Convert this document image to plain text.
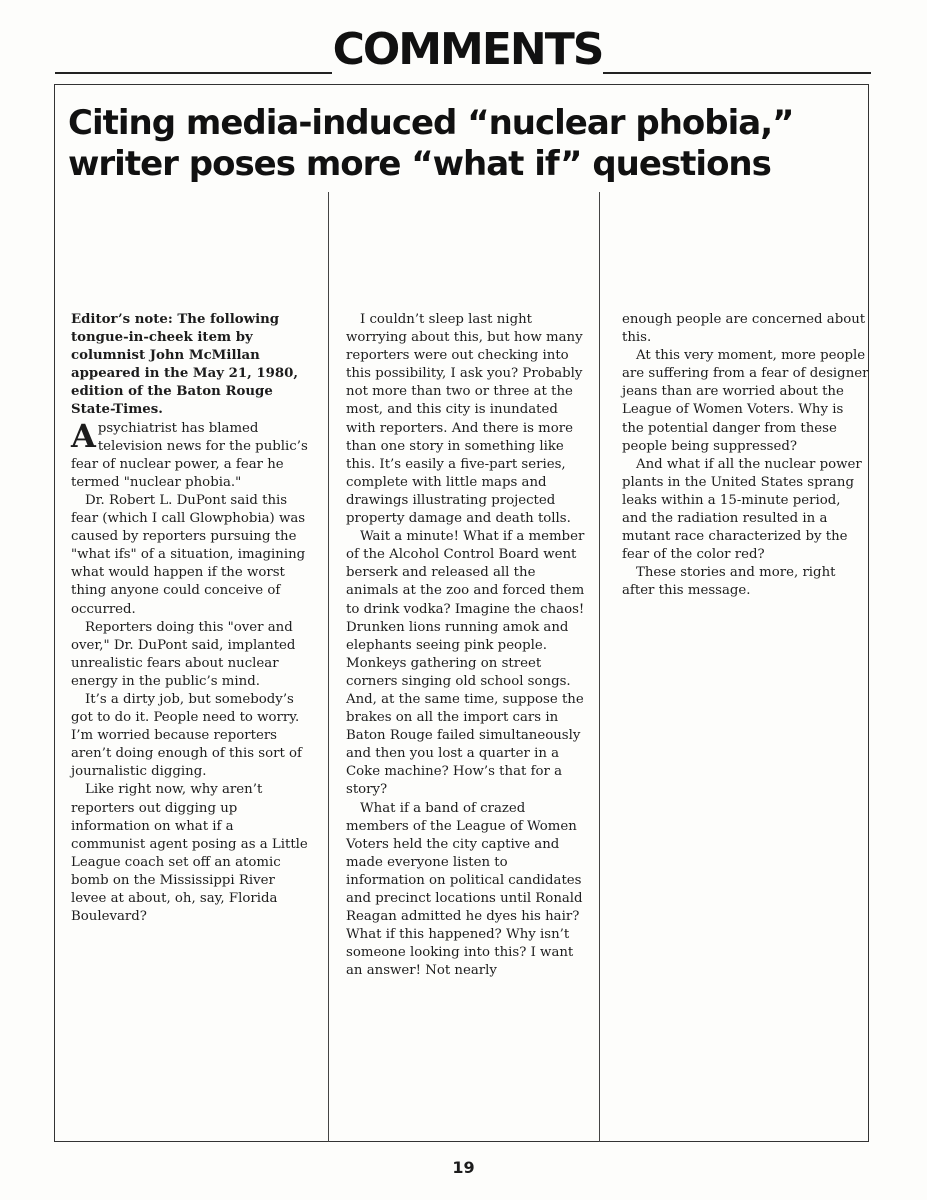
COMMENTS
Citing media-induced “nuclear phobia,” writer poses more “what if” questions

Editor’s note: The following tongue-in-cheek item by columnist John McMillan appeared in the May 21, 1980, edition of the Baton Rouge State-Times.

Apsychiatrist has blamed television news for the public’s fear of nuclear power, a fear he termed "nuclear phobia."

Dr. Robert L. DuPont said this fear (which I call Glowphobia) was caused by reporters pursuing the "what ifs" of a situation, imagining what would happen if the worst thing anyone could conceive of occurred.

Reporters doing this "over and over," Dr. DuPont said, implanted unrealistic fears about nuclear energy in the public’s mind.

It’s a dirty job, but somebody’s got to do it. People need to worry. I’m worried because reporters aren’t doing enough of this sort of journalistic digging.

Like right now, why aren’t reporters out digging up information on what if a communist agent posing as a Little League coach set off an atomic bomb on the Mississippi River levee at about, oh, say, Florida Boulevard?

I couldn’t sleep last night worrying about this, but how many reporters were out checking into this possibility, I ask you? Probably not more than two or three at the most, and this city is inundated with reporters. And there is more than one story in something like this. It’s easily a five-part series, complete with little maps and drawings illustrating projected property damage and death tolls.

Wait a minute! What if a member of the Alcohol Control Board went berserk and released all the animals at the zoo and forced them to drink vodka? Imagine the chaos! Drunken lions running amok and elephants seeing pink people. Monkeys gathering on street corners singing old school songs. And, at the same time, suppose the brakes on all the import cars in Baton Rouge failed simultaneously and then you lost a quarter in a Coke machine? How’s that for a story?

What if a band of crazed members of the League of Women Voters held the city captive and made everyone listen to information on political candidates and precinct locations until Ronald Reagan admitted he dyes his hair? What if this happened? Why isn’t someone looking into this? I want an answer! Not nearly

enough people are concerned about this.

At this very moment, more people are suffering from a fear of designer jeans than are worried about the League of Women Voters. Why is the potential danger from these people being suppressed?

And what if all the nuclear power plants in the United States sprang leaks within a 15-minute period, and the radiation resulted in a mutant race characterized by the fear of the color red?

These stories and more, right after this message.

19
